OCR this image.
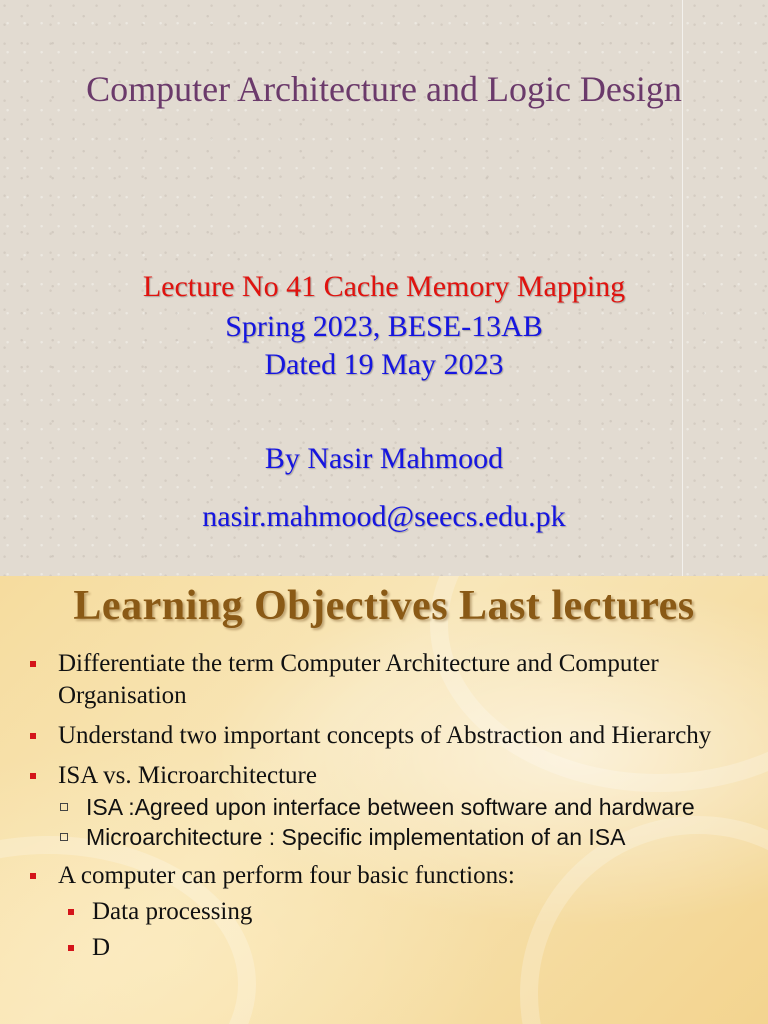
Computer Architecture and Logic Design
Lecture No 41 Cache Memory Mapping
Spring 2023, BESE-13AB
Dated 19 May 2023
By Nasir Mahmood
nasir.mahmood@seecs.edu.pk
Learning Objectives Last lectures
Differentiate the term Computer Architecture and Computer Organisation
Understand two important concepts of Abstraction and Hierarchy
ISA vs. Microarchitecture
ISA :Agreed upon interface between software and hardware
Microarchitecture : Specific implementation of an ISA
A computer can perform four basic functions:
Data processing
D
